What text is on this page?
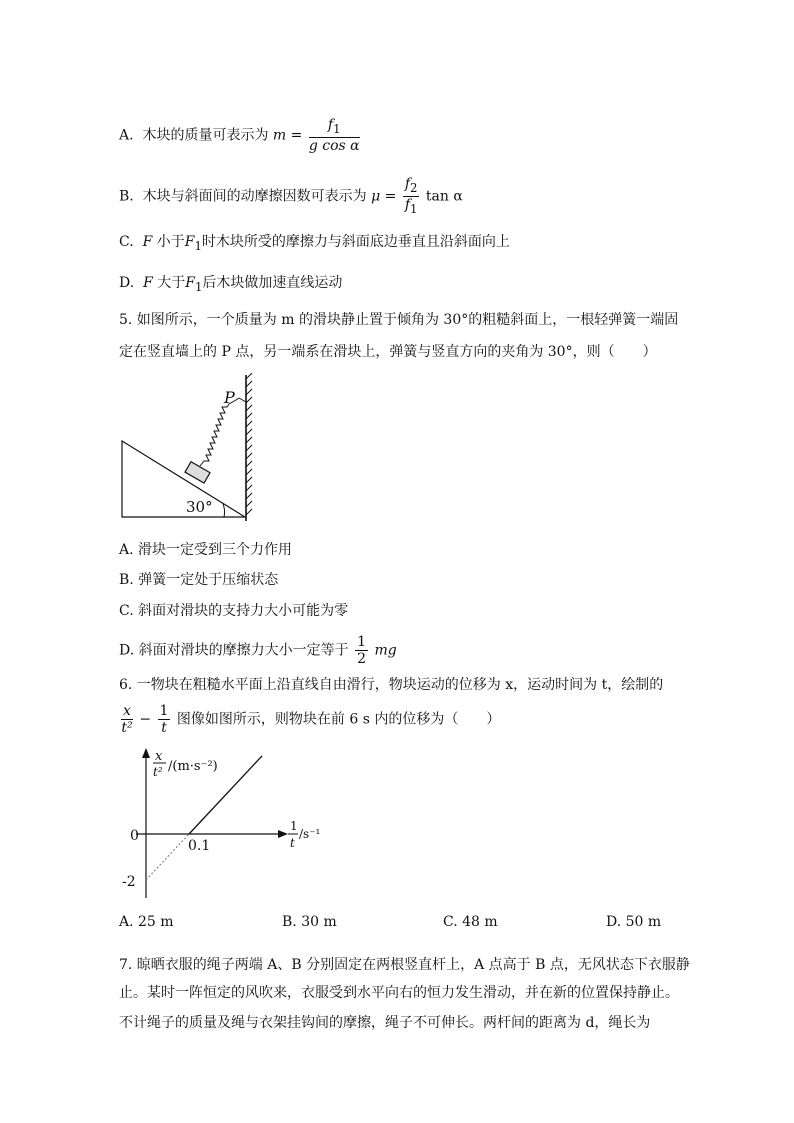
A. 木块的质量可表示为 $m = \frac{f_1}{\text{g cos α}}$
B. 木块与斜面间的动摩擦因数可表示为 $\mu = \frac{f_2}{f_1}$ tan α
C. F 小于$F_1$时木块所受的摩擦力与斜面底边垂直且沿斜面向上
D. F 大于$F_1$后木块做加速直线运动
5. 如图所示，一个质量为 m 的滑块静止置于倾角为 30°的粗糙斜面上，一根轻弹簧一端固
定在竖直墙上的 P 点，另一端系在滑块上，弹簧与竖直方向的夹角为 30°，则（　　）
P
30°
A. 滑块一定受到三个力作用
B. 弹簧一定处于压缩状态
C. 斜面对滑块的支持力大小可能为零
D. 斜面对滑块的摩擦力大小一定等于 $\frac{1}{2}$ mg
6. 一物块在粗糙水平面上沿直线自由滑行，物块运动的位移为 x，运动时间为 t，绘制的
$\frac{x}{\text{t²}} - \frac{1}{t}$ 图像如图所示，则物块在前 6 s 内的位移为（　　）
x
t² /(m·s⁻²)
1
t
/s⁻¹
0
0.1
-2
A. 25 m	B. 30 m	C. 48 m	D. 50 m
7. 晾晒衣服的绳子两端 A、B 分别固定在两根竖直杆上，A 点高于 B 点，无风状态下衣服静
止。某时一阵恒定的风吹来，衣服受到水平向右的恒力发生滑动，并在新的位置保持静止。
不计绳子的质量及绳与衣架挂钩间的摩擦，绳子不可伸长。两杆间的距离为 d，绳长为
